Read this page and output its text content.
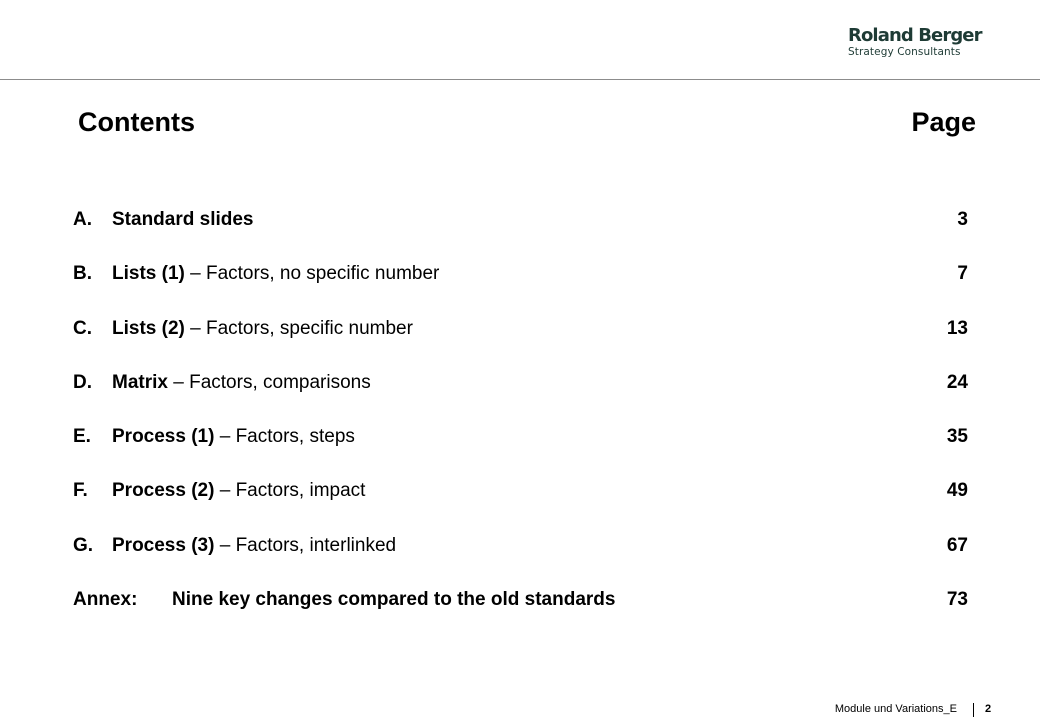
Roland Berger
Strategy Consultants
Contents	Page
A. Standard slides	3
B. Lists (1) – Factors, no specific number	7
C. Lists (2) – Factors, specific number	13
D. Matrix – Factors, comparisons	24
E. Process (1) – Factors, steps	35
F. Process (2) – Factors, impact	49
G. Process (3) – Factors, interlinked	67
Annex: Nine key changes compared to the old standards	73
Module und Variations_E	2
